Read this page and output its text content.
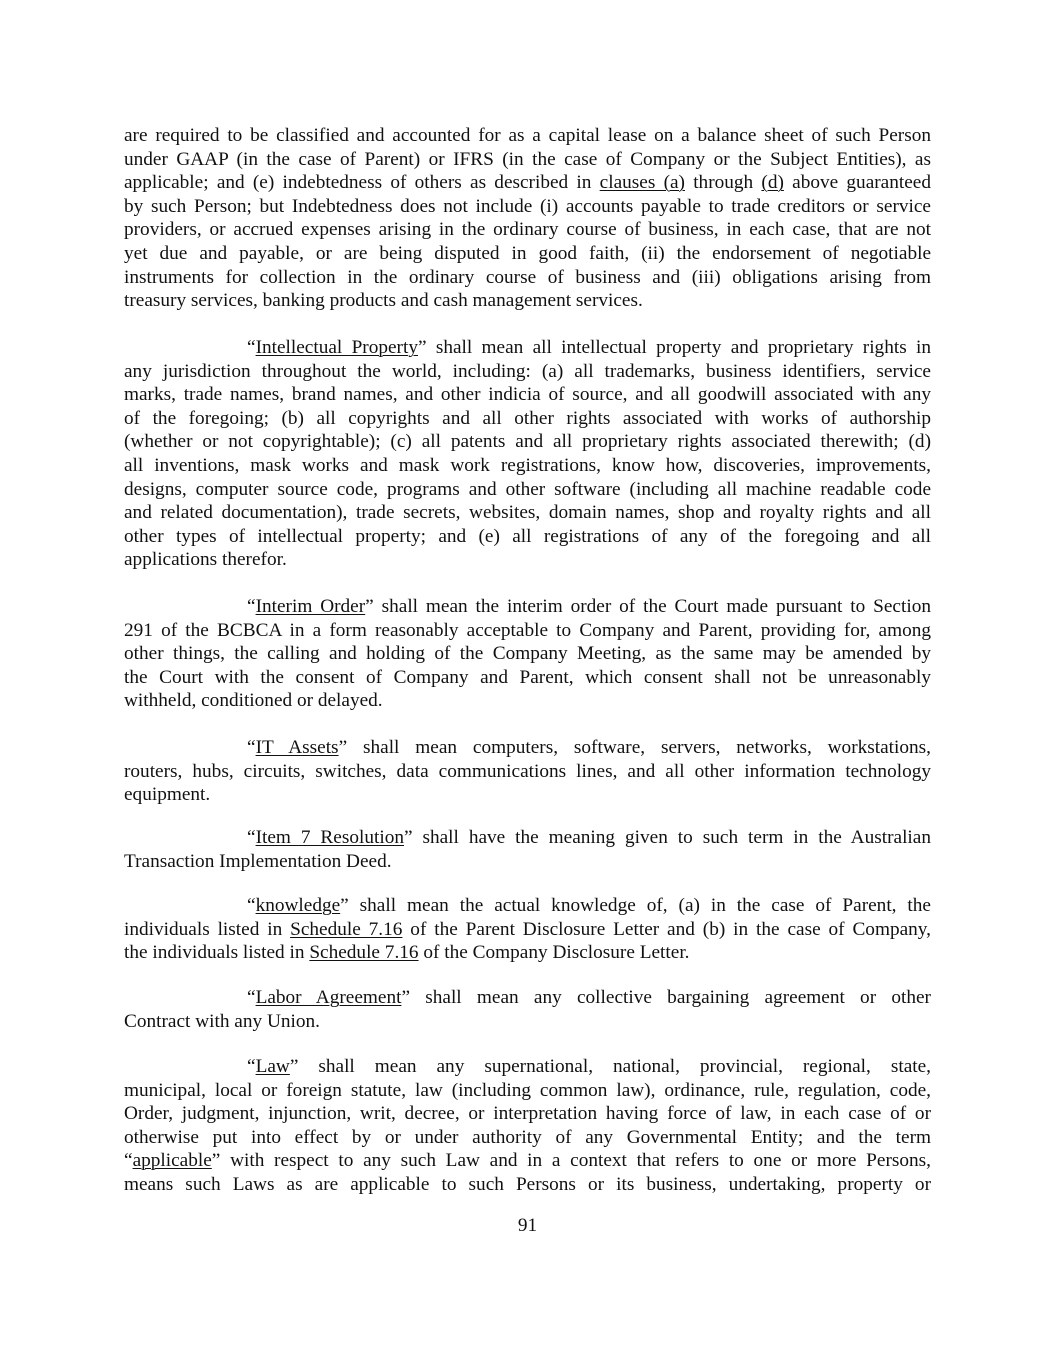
are required to be classified and accounted for as a capital lease on a balance sheet of such Person
under GAAP (in the case of Parent) or IFRS (in the case of Company or the Subject Entities), as
applicable; and (e) indebtedness of others as described in clauses (a) through (d) above guaranteed
by such Person; but Indebtedness does not include (i) accounts payable to trade creditors or service
providers, or accrued expenses arising in the ordinary course of business, in each case, that are not
yet due and payable, or are being disputed in good faith, (ii) the endorsement of negotiable
instruments for collection in the ordinary course of business and (iii) obligations arising from
treasury services, banking products and cash management services.
“Intellectual Property” shall mean all intellectual property and proprietary rights in
any jurisdiction throughout the world, including: (a) all trademarks, business identifiers, service
marks, trade names, brand names, and other indicia of source, and all goodwill associated with any
of the foregoing; (b) all copyrights and all other rights associated with works of authorship
(whether or not copyrightable); (c) all patents and all proprietary rights associated therewith; (d)
all inventions, mask works and mask work registrations, know how, discoveries, improvements,
designs, computer source code, programs and other software (including all machine readable code
and related documentation), trade secrets, websites, domain names, shop and royalty rights and all
other types of intellectual property; and (e) all registrations of any of the foregoing and all
applications therefor.
“Interim Order” shall mean the interim order of the Court made pursuant to Section
291 of the BCBCA in a form reasonably acceptable to Company and Parent, providing for, among
other things, the calling and holding of the Company Meeting, as the same may be amended by
the Court with the consent of Company and Parent, which consent shall not be unreasonably
withheld, conditioned or delayed.
“IT Assets” shall mean computers, software, servers, networks, workstations,
routers, hubs, circuits, switches, data communications lines, and all other information technology
equipment.
“Item 7 Resolution” shall have the meaning given to such term in the Australian
Transaction Implementation Deed.
“knowledge” shall mean the actual knowledge of, (a) in the case of Parent, the
individuals listed in Schedule 7.16 of the Parent Disclosure Letter and (b) in the case of Company,
the individuals listed in Schedule 7.16 of the Company Disclosure Letter.
“Labor Agreement” shall mean any collective bargaining agreement or other
Contract with any Union.
“Law” shall mean any supernational, national, provincial, regional, state,
municipal, local or foreign statute, law (including common law), ordinance, rule, regulation, code,
Order, judgment, injunction, writ, decree, or interpretation having force of law, in each case of or
otherwise put into effect by or under authority of any Governmental Entity; and the term
“applicable” with respect to any such Law and in a context that refers to one or more Persons,
means such Laws as are applicable to such Persons or its business, undertaking, property or
91
